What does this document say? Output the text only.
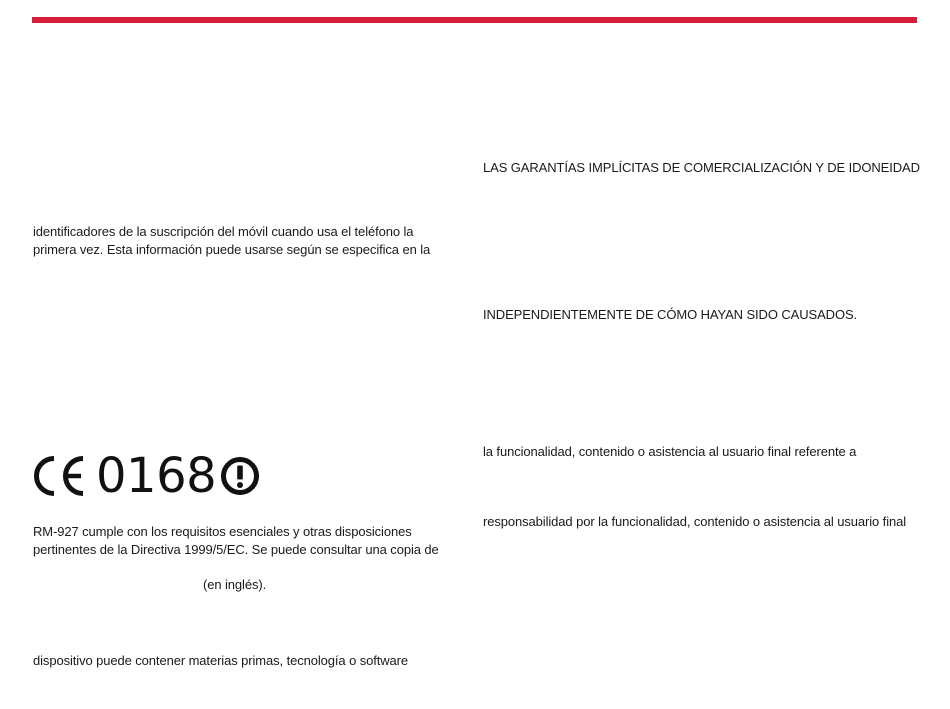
identificadores de la suscripción del móvil cuando usa el teléfono la
primera vez. Esta información puede usarse según se especifica en la
0168
RM-927 cumple con los requisitos esenciales y otras disposiciones
pertinentes de la Directiva 1999/5/EC. Se puede consultar una copia de
(en inglés).
dispositivo puede contener materias primas, tecnología o software
LAS GARANTÍAS IMPLÍCITAS DE COMERCIALIZACIÓN Y DE IDONEIDAD
INDEPENDIENTEMENTE DE CÓMO HAYAN SIDO CAUSADOS.
la funcionalidad, contenido o asistencia al usuario final referente a
responsabilidad por la funcionalidad, contenido o asistencia al usuario final
